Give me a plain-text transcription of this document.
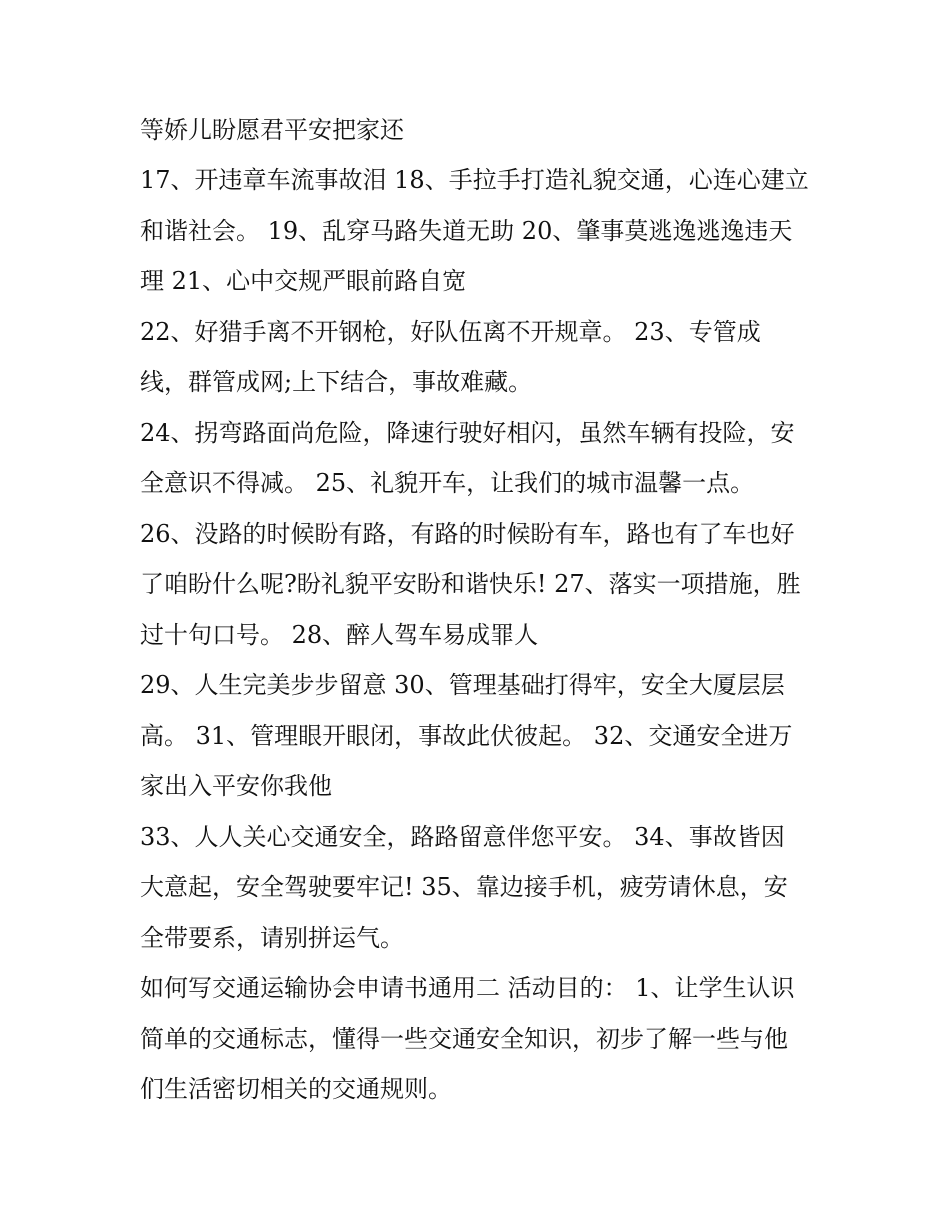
等娇儿盼愿君平安把家还
17、开违章车流事故泪 18、手拉手打造礼貌交通，心连心建立
和谐社会。 19、乱穿马路失道无助 20、肇事莫逃逸逃逸违天
理 21、心中交规严眼前路自宽
22、好猎手离不开钢枪，好队伍离不开规章。 23、专管成
线，群管成网;上下结合，事故难藏。
24、拐弯路面尚危险，降速行驶好相闪，虽然车辆有投险，安
全意识不得减。 25、礼貌开车，让我们的城市温馨一点。
26、没路的时候盼有路，有路的时候盼有车，路也有了车也好
了咱盼什么呢?盼礼貌平安盼和谐快乐! 27、落实一项措施，胜
过十句口号。 28、醉人驾车易成罪人
29、人生完美步步留意 30、管理基础打得牢，安全大厦层层
高。 31、管理眼开眼闭，事故此伏彼起。 32、交通安全进万
家出入平安你我他
33、人人关心交通安全，路路留意伴您平安。 34、事故皆因
大意起，安全驾驶要牢记! 35、靠边接手机，疲劳请休息，安
全带要系，请别拼运气。
如何写交通运输协会申请书通用二 活动目的： 1、让学生认识
简单的交通标志，懂得一些交通安全知识，初步了解一些与他
们生活密切相关的交通规则。
